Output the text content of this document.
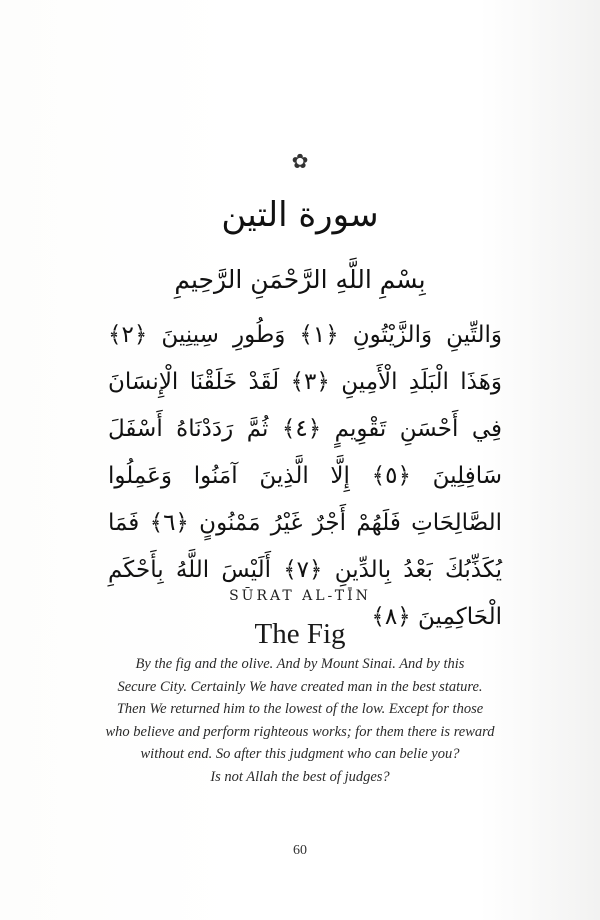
✿
سورة التين
بِسْمِ اللَّهِ الرَّحْمَنِ الرَّحِيمِ
وَالتِّينِ وَالزَّيْتُونِ ﴿١﴾ وَطُورِ سِينِينَ ﴿٢﴾ وَهَذَا الْبَلَدِ الْأَمِينِ ﴿٣﴾ لَقَدْ خَلَقْنَا الْإِنسَانَ فِي أَحْسَنِ تَقْوِيمٍ ﴿٤﴾ ثُمَّ رَدَدْنَاهُ أَسْفَلَ سَافِلِينَ ﴿٥﴾ إِلَّا الَّذِينَ آمَنُوا وَعَمِلُوا الصَّالِحَاتِ فَلَهُمْ أَجْرٌ غَيْرُ مَمْنُونٍ ﴿٦﴾ فَمَا يُكَذِّبُكَ بَعْدُ بِالدِّينِ ﴿٧﴾ أَلَيْسَ اللَّهُ بِأَحْكَمِ الْحَاكِمِينَ ﴿٨﴾
SŪRAT AL-TĪN
The Fig
By the fig and the olive. And by Mount Sinai. And by this
Secure City. Certainly We have created man in the best stature.
Then We returned him to the lowest of the low. Except for those
who believe and perform righteous works; for them there is reward
without end. So after this judgment who can belie you?
Is not Allah the best of judges?
60
